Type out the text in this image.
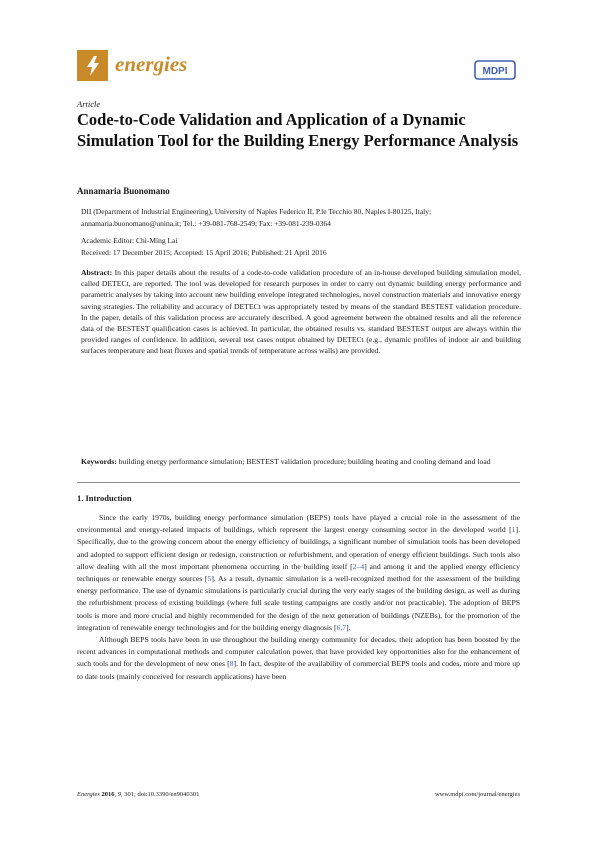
energies	MDPI
Article
Code-to-Code Validation and Application of a Dynamic Simulation Tool for the Building Energy Performance Analysis
Annamaria Buonomano
DII (Department of Industrial Engineering), University of Naples Federico II, P.le Tecchio 80, Naples I-80125, Italy; annamaria.buonomano@unina.it; Tel.: +39-081-768-2549; Fax: +39-081-239-0364
Academic Editor: Chi-Ming Lai
Received: 17 December 2015; Accepted: 15 April 2016; Published: 21 April 2016
Abstract: In this paper details about the results of a code-to-code validation procedure of an in-house developed building simulation model, called DETECt, are reported. The tool was developed for research purposes in order to carry out dynamic building energy performance and parametric analyses by taking into account new building envelope integrated technologies, novel construction materials and innovative energy saving strategies. The reliability and accuracy of DETECt was appropriately tested by means of the standard BESTEST validation procedure. In the paper, details of this validation process are accurately described. A good agreement between the obtained results and all the reference data of the BESTEST qualification cases is achieved. In particular, the obtained results vs. standard BESTEST output are always within the provided ranges of confidence. In addition, several test cases output obtained by DETECt (e.g., dynamic profiles of indoor air and building surfaces temperature and heat fluxes and spatial trends of temperature across walls) are provided.
Keywords: building energy performance simulation; BESTEST validation procedure; building heating and cooling demand and load
1. Introduction

Since the early 1970s, building energy performance simulation (BEPS) tools have played a crucial role in the assessment of the environmental and energy-related impacts of buildings, which represent the largest energy consuming sector in the developed world [1]. Specifically, due to the growing concern about the energy efficiency of buildings, a significant number of simulation tools has been developed and adopted to support efficient design or redesign, construction or refurbishment, and operation of energy efficient buildings. Such tools also allow dealing with all the most important phenomena occurring in the building itself [2–4] and among it and the applied energy efficiency techniques or renewable energy sources [5]. As a result, dynamic simulation is a well-recognized method for the assessment of the building energy performance. The use of dynamic simulations is particularly crucial during the very early stages of the building design, as well as during the refurbishment process of existing buildings (where full scale testing campaigns are costly and/or not practicable). The adoption of BEPS tools is more and more crucial and highly recommended for the design of the next generation of buildings (NZEBs), for the promotion of the integration of renewable energy technologies and for the building energy diagnosis [6,7].

Although BEPS tools have been in use throughout the building energy community for decades, their adoption has been boosted by the recent advances in computational methods and computer calculation power, that have provided key opportunities also for the enhancement of such tools and for the development of new ones [8]. In fact, despite of the availability of commercial BEPS tools and codes, more and more up to date tools (mainly conceived for research applications) have been

Energies 2016, 9, 301; doi:10.3390/en9040301	www.mdpi.com/journal/energies
